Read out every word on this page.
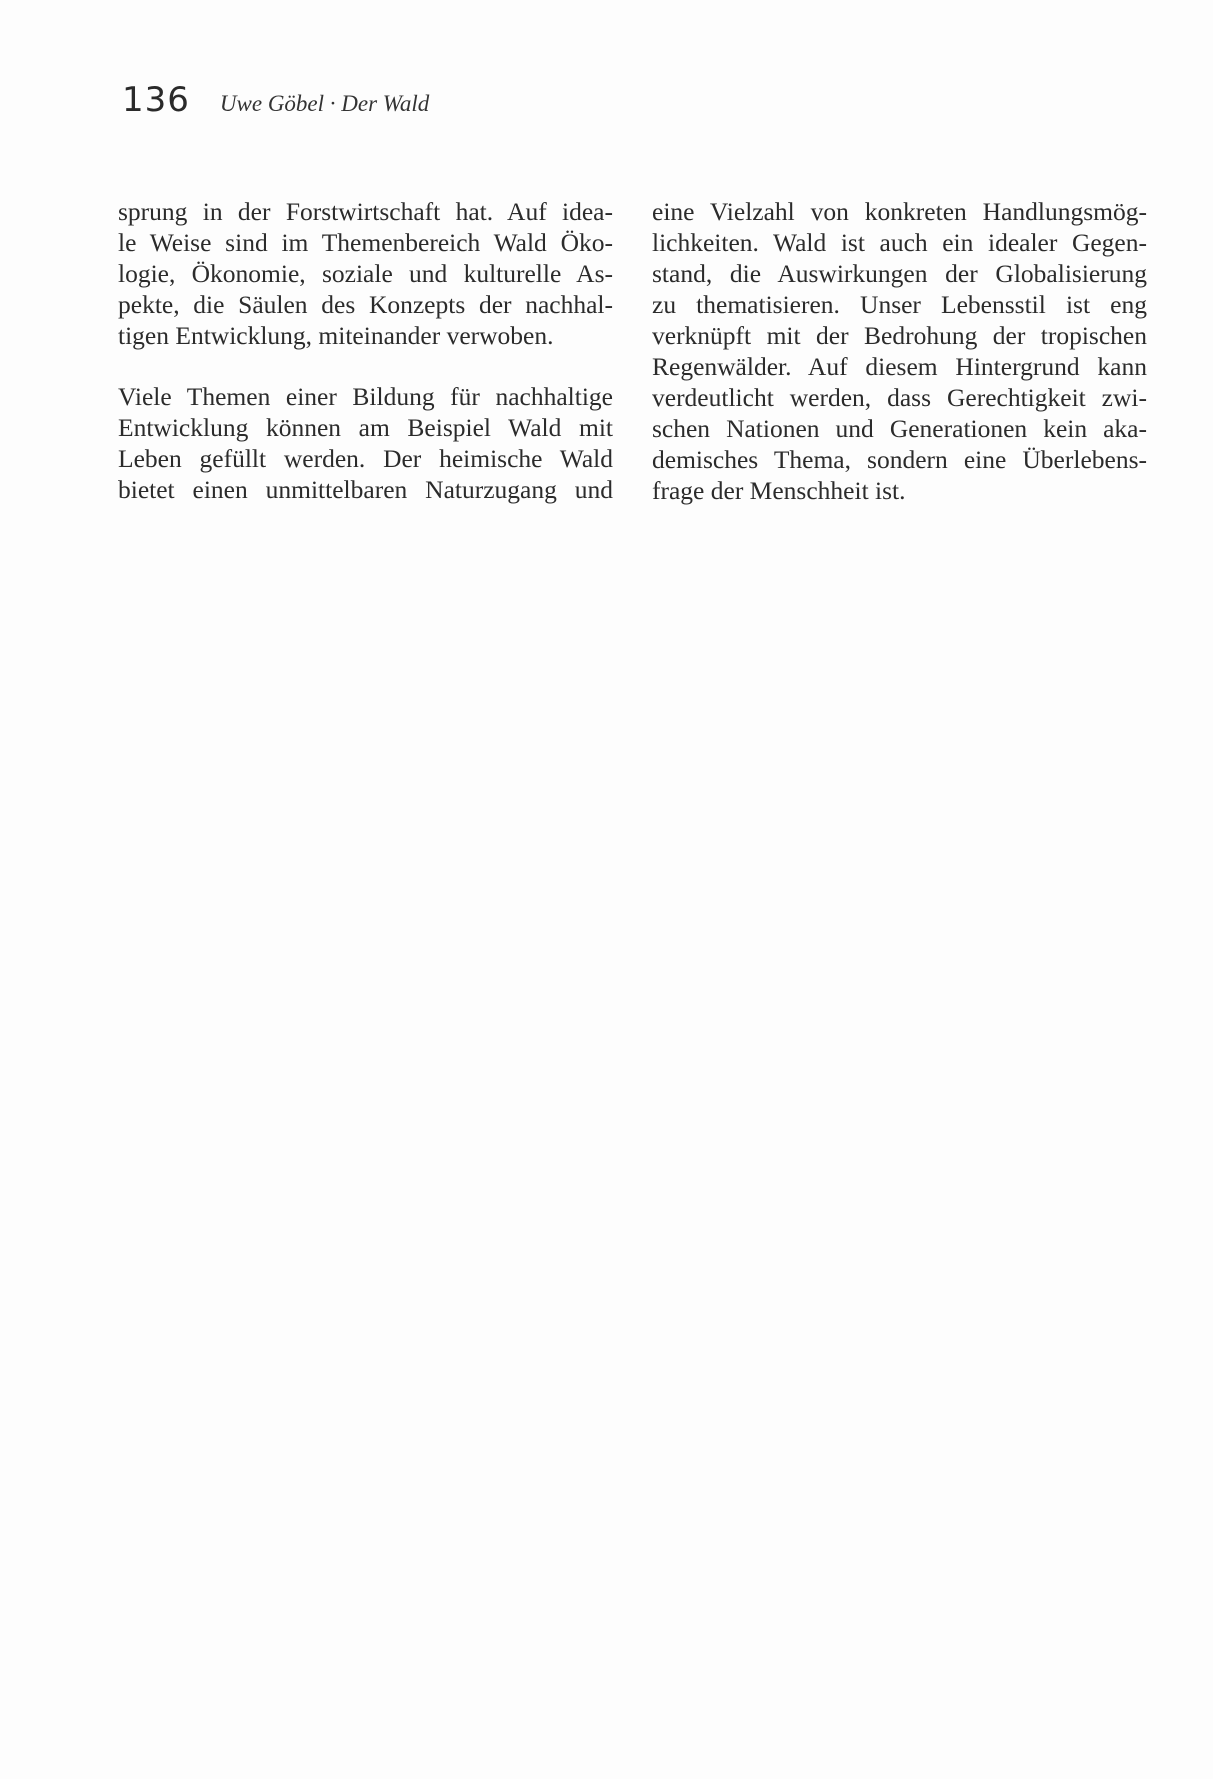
136 Uwe Göbel · Der Wald

sprung in der Forstwirtschaft hat. Auf idea-
le Weise sind im Themenbereich Wald Öko-
logie, Ökonomie, soziale und kulturelle As-
pekte, die Säulen des Konzepts der nachhal-
tigen Entwicklung, miteinander verwoben.

Viele Themen einer Bildung für nachhaltige
Entwicklung können am Beispiel Wald mit
Leben gefüllt werden. Der heimische Wald
bietet einen unmittelbaren Naturzugang und

eine Vielzahl von konkreten Handlungsmög-
lichkeiten. Wald ist auch ein idealer Gegen-
stand, die Auswirkungen der Globalisierung
zu thematisieren. Unser Lebensstil ist eng
verknüpft mit der Bedrohung der tropischen
Regenwälder. Auf diesem Hintergrund kann
verdeutlicht werden, dass Gerechtigkeit zwi-
schen Nationen und Generationen kein aka-
demisches Thema, sondern eine Überlebens-
frage der Menschheit ist.
